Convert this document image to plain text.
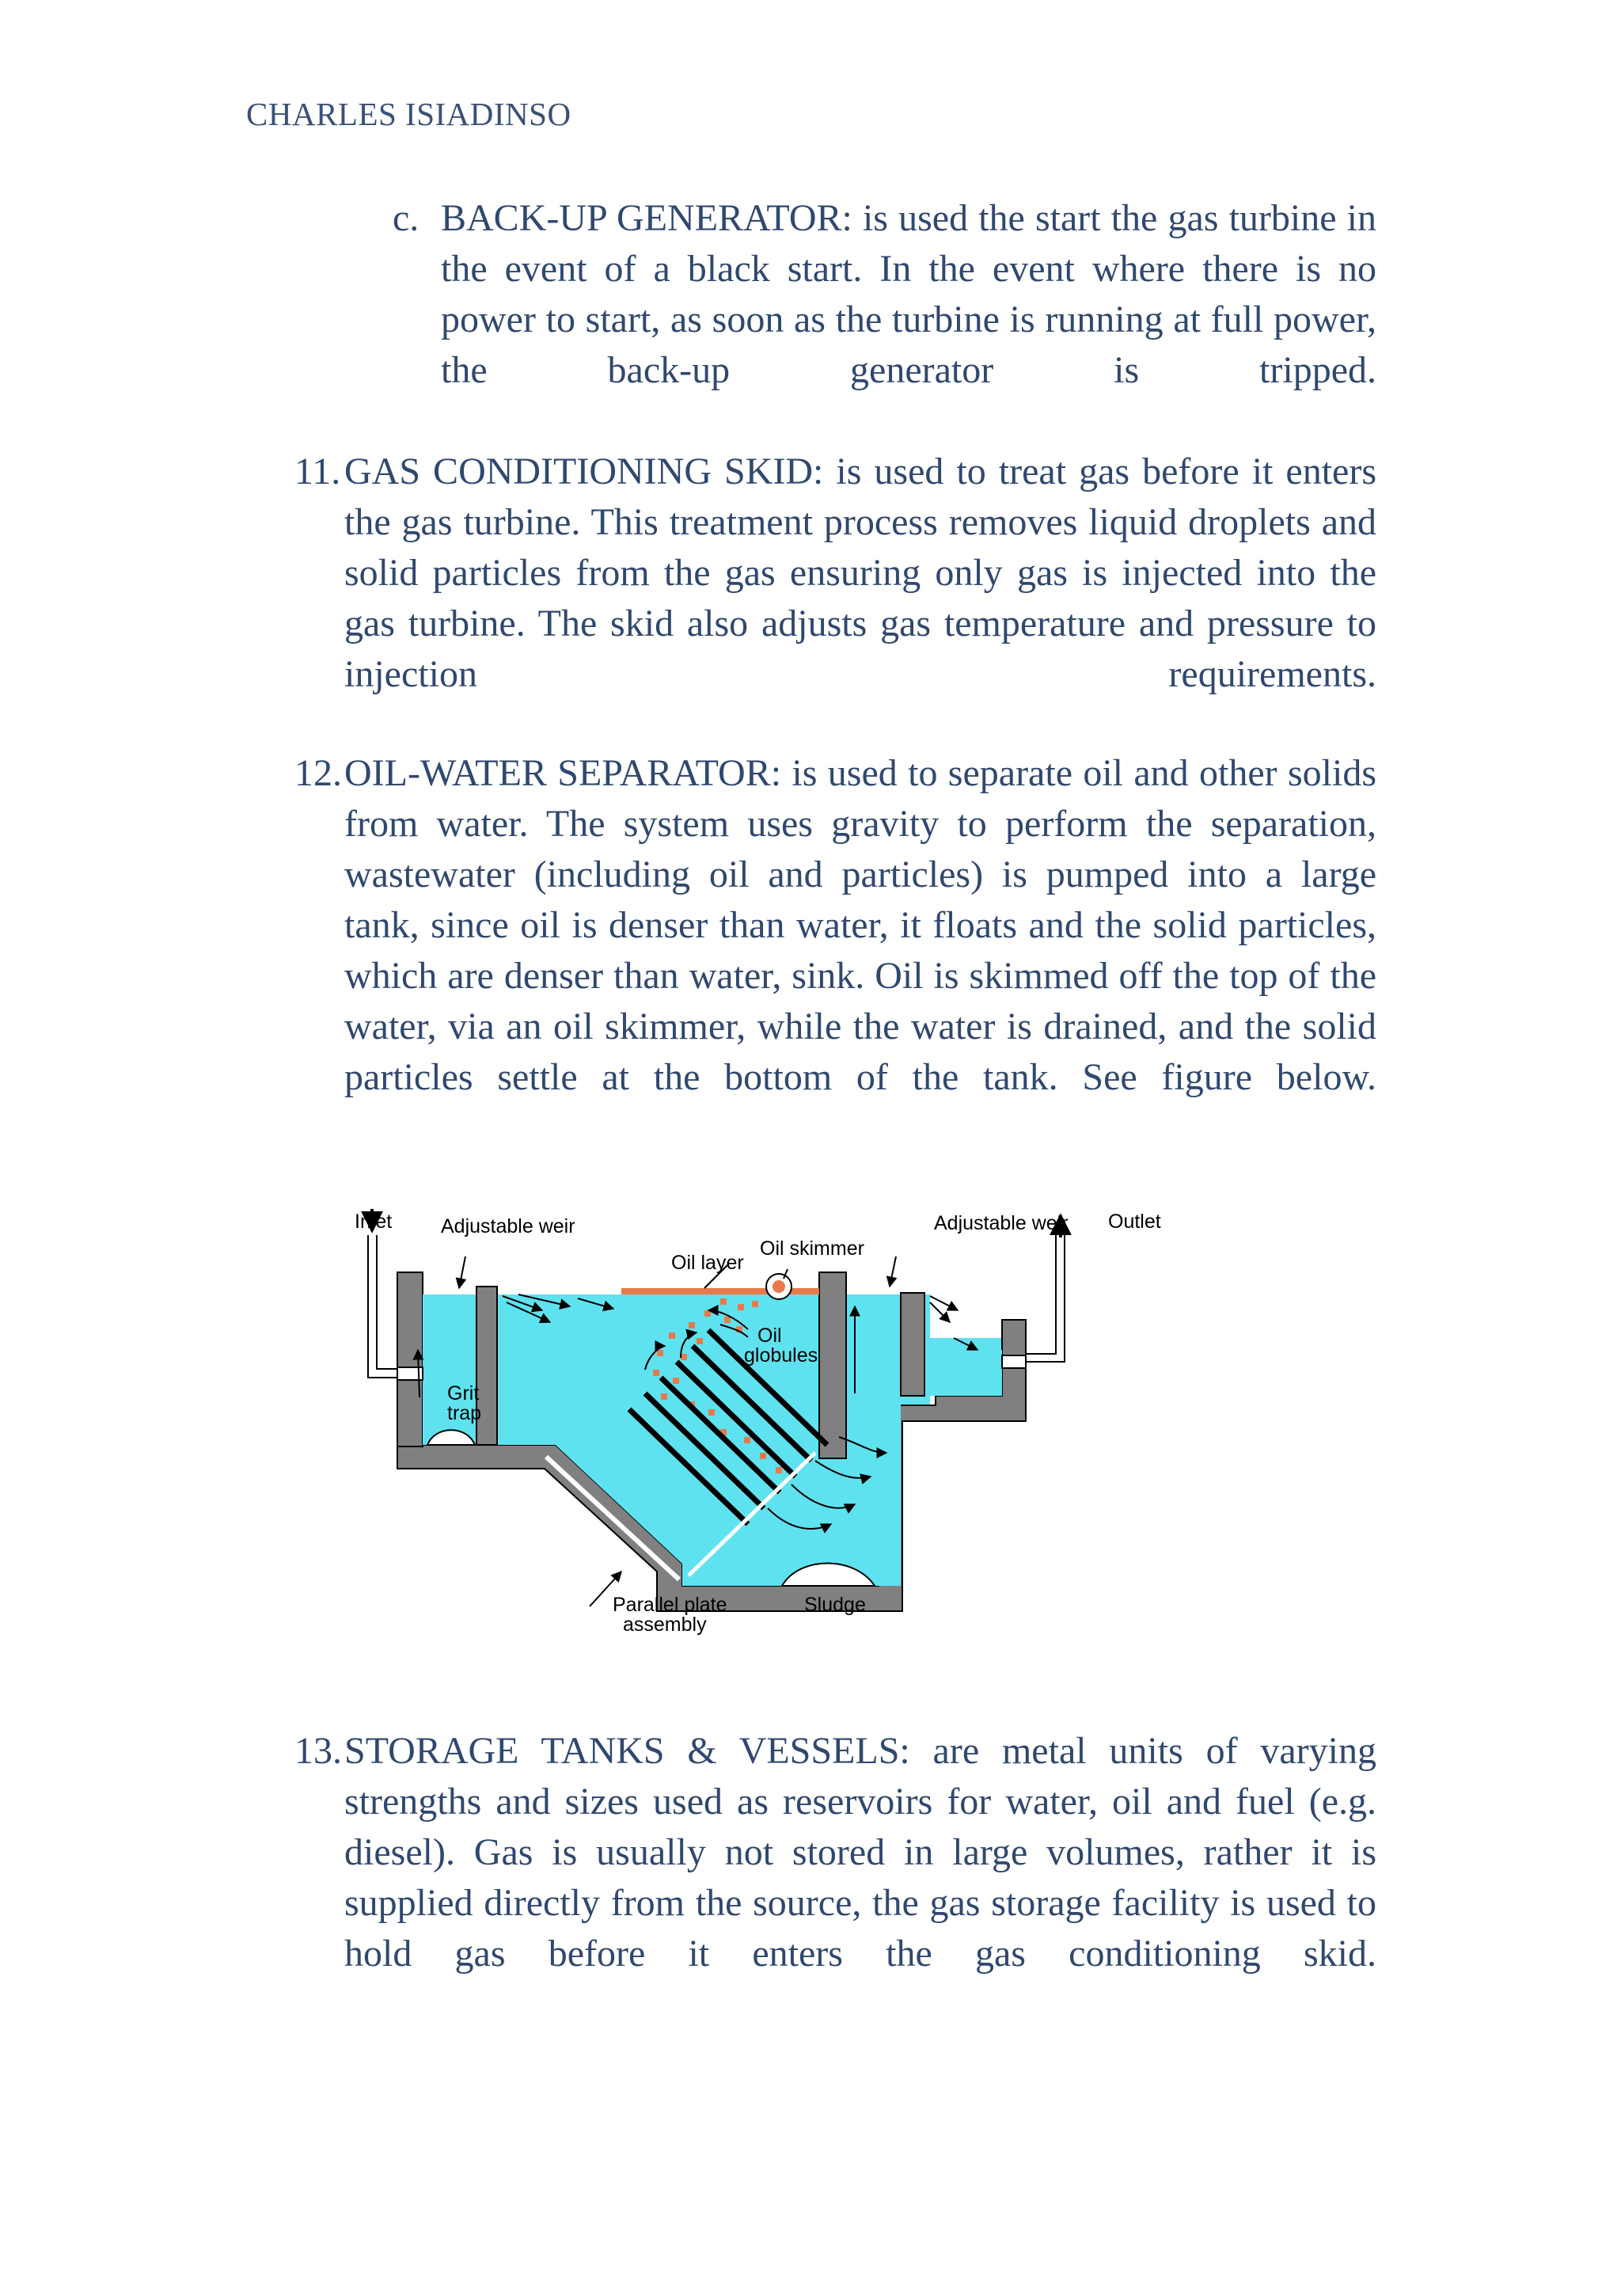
CHARLES ISIADINSO
c. BACK-UP GENERATOR: is used the start the gas turbine in the event of a black start. In the event where there is no power to start, as soon as the turbine is running at full power, the back-up generator is tripped.
11. GAS CONDITIONING SKID: is used to treat gas before it enters the gas turbine. This treatment process removes liquid droplets and solid particles from the gas ensuring only gas is injected into the gas turbine. The skid also adjusts gas temperature and pressure to injection requirements.
12. OIL-WATER SEPARATOR: is used to separate oil and other solids from water. The system uses gravity to perform the separation, wastewater (including oil and particles) is pumped into a large tank, since oil is denser than water, it floats and the solid particles, which are denser than water, sink. Oil is skimmed off the top of the water, via an oil skimmer, while the water is drained, and the solid particles settle at the bottom of the tank. See figure below.
Inlet Adjustable weir
Oil layer
Oil skimmer
Adjustable weir Outlet
Oil
globules
Grit
trap
Parallel plate
assembly
Sludge
13. STORAGE TANKS & VESSELS: are metal units of varying strengths and sizes used as reservoirs for water, oil and fuel (e.g. diesel). Gas is usually not stored in large volumes, rather it is supplied directly from the source, the gas storage facility is used to hold gas before it enters the gas conditioning skid.
